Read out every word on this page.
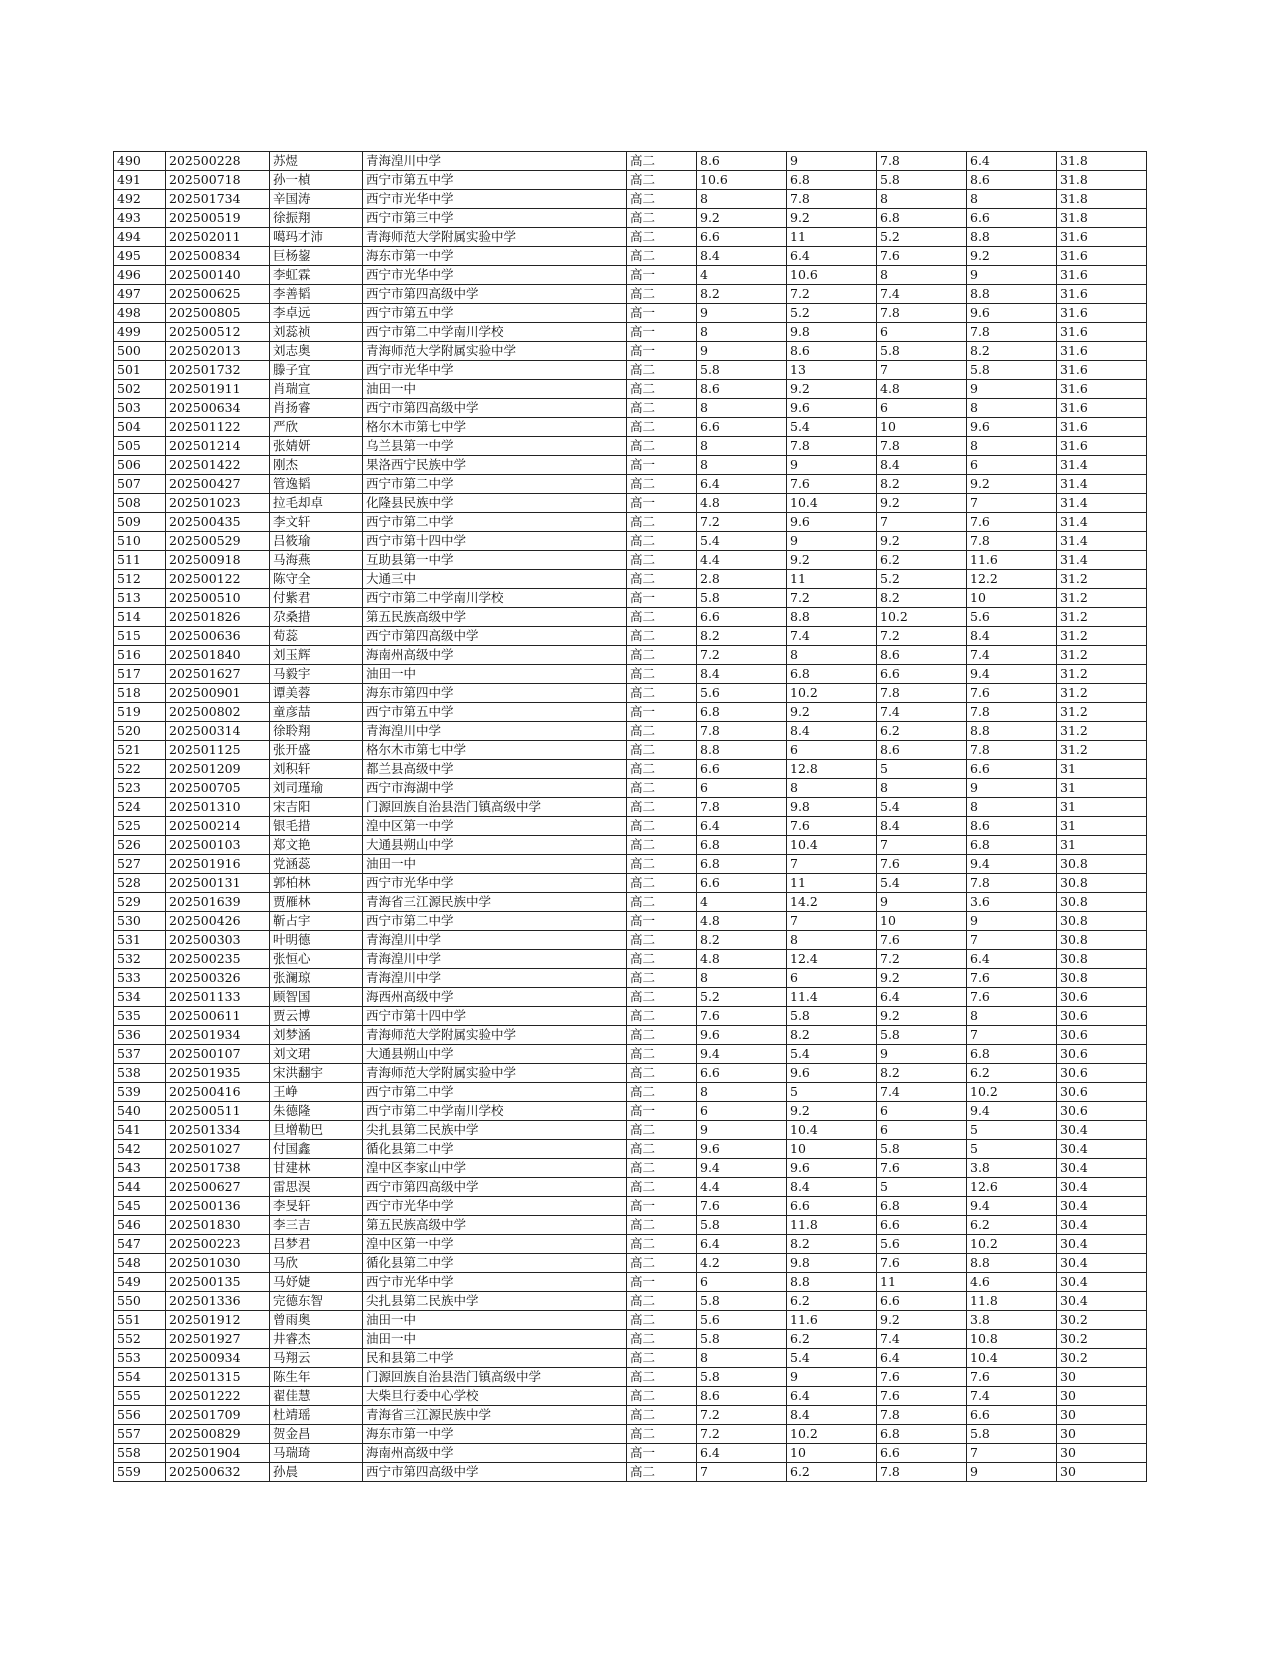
490	202500228	苏煜	青海湟川中学	高二	8.6	9	7.8	6.4	31.8
491	202500718	孙一楨	西宁市第五中学	高二	10.6	6.8	5.8	8.6	31.8
492	202501734	辛国涛	西宁市光华中学	高二	8	7.8	8	8	31.8
493	202500519	徐振翔	西宁市第三中学	高二	9.2	9.2	6.8	6.6	31.8
494	202502011	噶玛才沛	青海师范大学附属实验中学	高二	6.6	11	5.2	8.8	31.6
495	202500834	巨杨鋆	海东市第一中学	高二	8.4	6.4	7.6	9.2	31.6
496	202500140	李虹霖	西宁市光华中学	高一	4	10.6	8	9	31.6
497	202500625	李善韬	西宁市第四高级中学	高二	8.2	7.2	7.4	8.8	31.6
498	202500805	李卓远	西宁市第五中学	高一	9	5.2	7.8	9.6	31.6
499	202500512	刘蕊祯	西宁市第二中学南川学校	高一	8	9.8	6	7.8	31.6
500	202502013	刘志奥	青海师范大学附属实验中学	高一	9	8.6	5.8	8.2	31.6
501	202501732	滕子宜	西宁市光华中学	高二	5.8	13	7	5.8	31.6
502	202501911	肖瑞宣	油田一中	高二	8.6	9.2	4.8	9	31.6
503	202500634	肖扬睿	西宁市第四高级中学	高二	8	9.6	6	8	31.6
504	202501122	严欣	格尔木市第七中学	高二	6.6	5.4	10	9.6	31.6
505	202501214	张婧妍	乌兰县第一中学	高二	8	7.8	7.8	8	31.6
506	202501422	刚杰	果洛西宁民族中学	高一	8	9	8.4	6	31.4
507	202500427	管逸韬	西宁市第二中学	高二	6.4	7.6	8.2	9.2	31.4
508	202501023	拉毛却卓	化隆县民族中学	高一	4.8	10.4	9.2	7	31.4
509	202500435	李文轩	西宁市第二中学	高二	7.2	9.6	7	7.6	31.4
510	202500529	吕筱瑜	西宁市第十四中学	高二	5.4	9	9.2	7.8	31.4
511	202500918	马海燕	互助县第一中学	高二	4.4	9.2	6.2	11.6	31.4
512	202500122	陈守全	大通三中	高二	2.8	11	5.2	12.2	31.2
513	202500510	付紫君	西宁市第二中学南川学校	高一	5.8	7.2	8.2	10	31.2
514	202501826	尕桑措	第五民族高级中学	高二	6.6	8.8	10.2	5.6	31.2
515	202500636	荀蕊	西宁市第四高级中学	高二	8.2	7.4	7.2	8.4	31.2
516	202501840	刘玉辉	海南州高级中学	高二	7.2	8	8.6	7.4	31.2
517	202501627	马毅宇	油田一中	高二	8.4	6.8	6.6	9.4	31.2
518	202500901	谭美蓉	海东市第四中学	高二	5.6	10.2	7.8	7.6	31.2
519	202500802	童彦喆	西宁市第五中学	高一	6.8	9.2	7.4	7.8	31.2
520	202500314	徐聆翔	青海湟川中学	高二	7.8	8.4	6.2	8.8	31.2
521	202501125	张开盛	格尔木市第七中学	高二	8.8	6	8.6	7.8	31.2
522	202501209	刘积轩	都兰县高级中学	高二	6.6	12.8	5	6.6	31
523	202500705	刘司瑾瑜	西宁市海湖中学	高二	6	8	8	9	31
524	202501310	宋吉阳	门源回族自治县浩门镇高级中学	高二	7.8	9.8	5.4	8	31
525	202500214	银毛措	湟中区第一中学	高二	6.4	7.6	8.4	8.6	31
526	202500103	郑文艳	大通县朔山中学	高二	6.8	10.4	7	6.8	31
527	202501916	党涵蕊	油田一中	高二	6.8	7	7.6	9.4	30.8
528	202500131	郭柏林	西宁市光华中学	高二	6.6	11	5.4	7.8	30.8
529	202501639	贾雁林	青海省三江源民族中学	高二	4	14.2	9	3.6	30.8
530	202500426	靳占宇	西宁市第二中学	高一	4.8	7	10	9	30.8
531	202500303	叶明德	青海湟川中学	高二	8.2	8	7.6	7	30.8
532	202500235	张恒心	青海湟川中学	高二	4.8	12.4	7.2	6.4	30.8
533	202500326	张澜琼	青海湟川中学	高二	8	6	9.2	7.6	30.8
534	202501133	顾智国	海西州高级中学	高二	5.2	11.4	6.4	7.6	30.6
535	202500611	贾云博	西宁市第十四中学	高二	7.6	5.8	9.2	8	30.6
536	202501934	刘梦涵	青海师范大学附属实验中学	高二	9.6	8.2	5.8	7	30.6
537	202500107	刘文珺	大通县朔山中学	高二	9.4	5.4	9	6.8	30.6
538	202501935	宋洪翻宇	青海师范大学附属实验中学	高二	6.6	9.6	8.2	6.2	30.6
539	202500416	王峥	西宁市第二中学	高二	8	5	7.4	10.2	30.6
540	202500511	朱德隆	西宁市第二中学南川学校	高一	6	9.2	6	9.4	30.6
541	202501334	旦增勒巴	尖扎县第二民族中学	高二	9	10.4	6	5	30.4
542	202501027	付国鑫	循化县第二中学	高二	9.6	10	5.8	5	30.4
543	202501738	甘建林	湟中区李家山中学	高二	9.4	9.6	7.6	3.8	30.4
544	202500627	雷思淏	西宁市第四高级中学	高二	4.4	8.4	5	12.6	30.4
545	202500136	李旻轩	西宁市光华中学	高一	7.6	6.6	6.8	9.4	30.4
546	202501830	李三吉	第五民族高级中学	高二	5.8	11.8	6.6	6.2	30.4
547	202500223	吕梦君	湟中区第一中学	高二	6.4	8.2	5.6	10.2	30.4
548	202501030	马欣	循化县第二中学	高二	4.2	9.8	7.6	8.8	30.4
549	202500135	马妤婕	西宁市光华中学	高一	6	8.8	11	4.6	30.4
550	202501336	完德东智	尖扎县第二民族中学	高二	5.8	6.2	6.6	11.8	30.4
551	202501912	曾雨奥	油田一中	高二	5.6	11.6	9.2	3.8	30.2
552	202501927	井睿杰	油田一中	高二	5.8	6.2	7.4	10.8	30.2
553	202500934	马翔云	民和县第二中学	高二	8	5.4	6.4	10.4	30.2
554	202501315	陈生年	门源回族自治县浩门镇高级中学	高二	5.8	9	7.6	7.6	30
555	202501222	翟佳慧	大柴旦行委中心学校	高二	8.6	6.4	7.6	7.4	30
556	202501709	杜靖瑶	青海省三江源民族中学	高二	7.2	8.4	7.8	6.6	30
557	202500829	贺金昌	海东市第一中学	高二	7.2	10.2	6.8	5.8	30
558	202501904	马瑞琦	海南州高级中学	高一	6.4	10	6.6	7	30
559	202500632	孙晨	西宁市第四高级中学	高二	7	6.2	7.8	9	30
